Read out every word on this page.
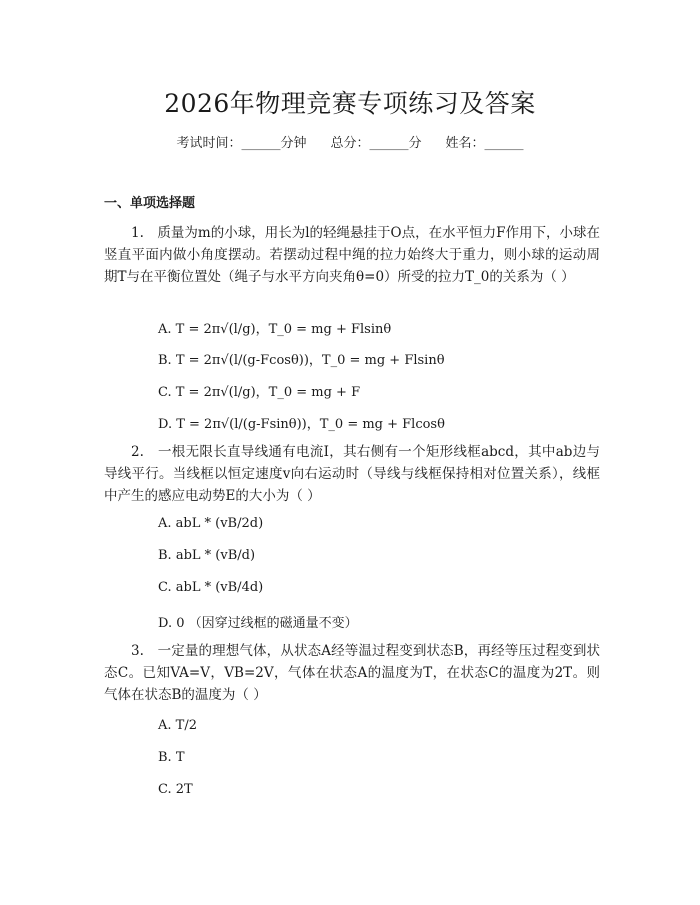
2026年物理竞赛专项练习及答案
考试时间：______分钟 总分：______分 姓名：______
一、单项选择题
1.　质量为m的小球，用长为l的轻绳悬挂于O点，在水平恒力F作用下，小球在竖直平面内做小角度摆动。若摆动过程中绳的拉力始终大于重力，则小球的运动周期T与在平衡位置处（绳子与水平方向夹角θ=0）所受的拉力T_0的关系为（ ）
A. T = 2π√(l/g)，T_0 = mg + Flsinθ
B. T = 2π√(l/(g-Fcosθ))，T_0 = mg + Flsinθ
C. T = 2π√(l/g)，T_0 = mg + F
D. T = 2π√(l/(g-Fsinθ))，T_0 = mg + Flcosθ
2.　一根无限长直导线通有电流I，其右侧有一个矩形线框abcd，其中ab边与导线平行。当线框以恒定速度v向右运动时（导线与线框保持相对位置关系），线框中产生的感应电动势E的大小为（ ）
A. abL * (vB/2d)
B. abL * (vB/d)
C. abL * (vB/4d)
D. 0 （因穿过线框的磁通量不变）
3.　一定量的理想气体，从状态A经等温过程变到状态B，再经等压过程变到状态C。已知VA=V，VB=2V，气体在状态A的温度为T，在状态C的温度为2T。则气体在状态B的温度为（ ）
A. T/2
B. T
C. 2T
